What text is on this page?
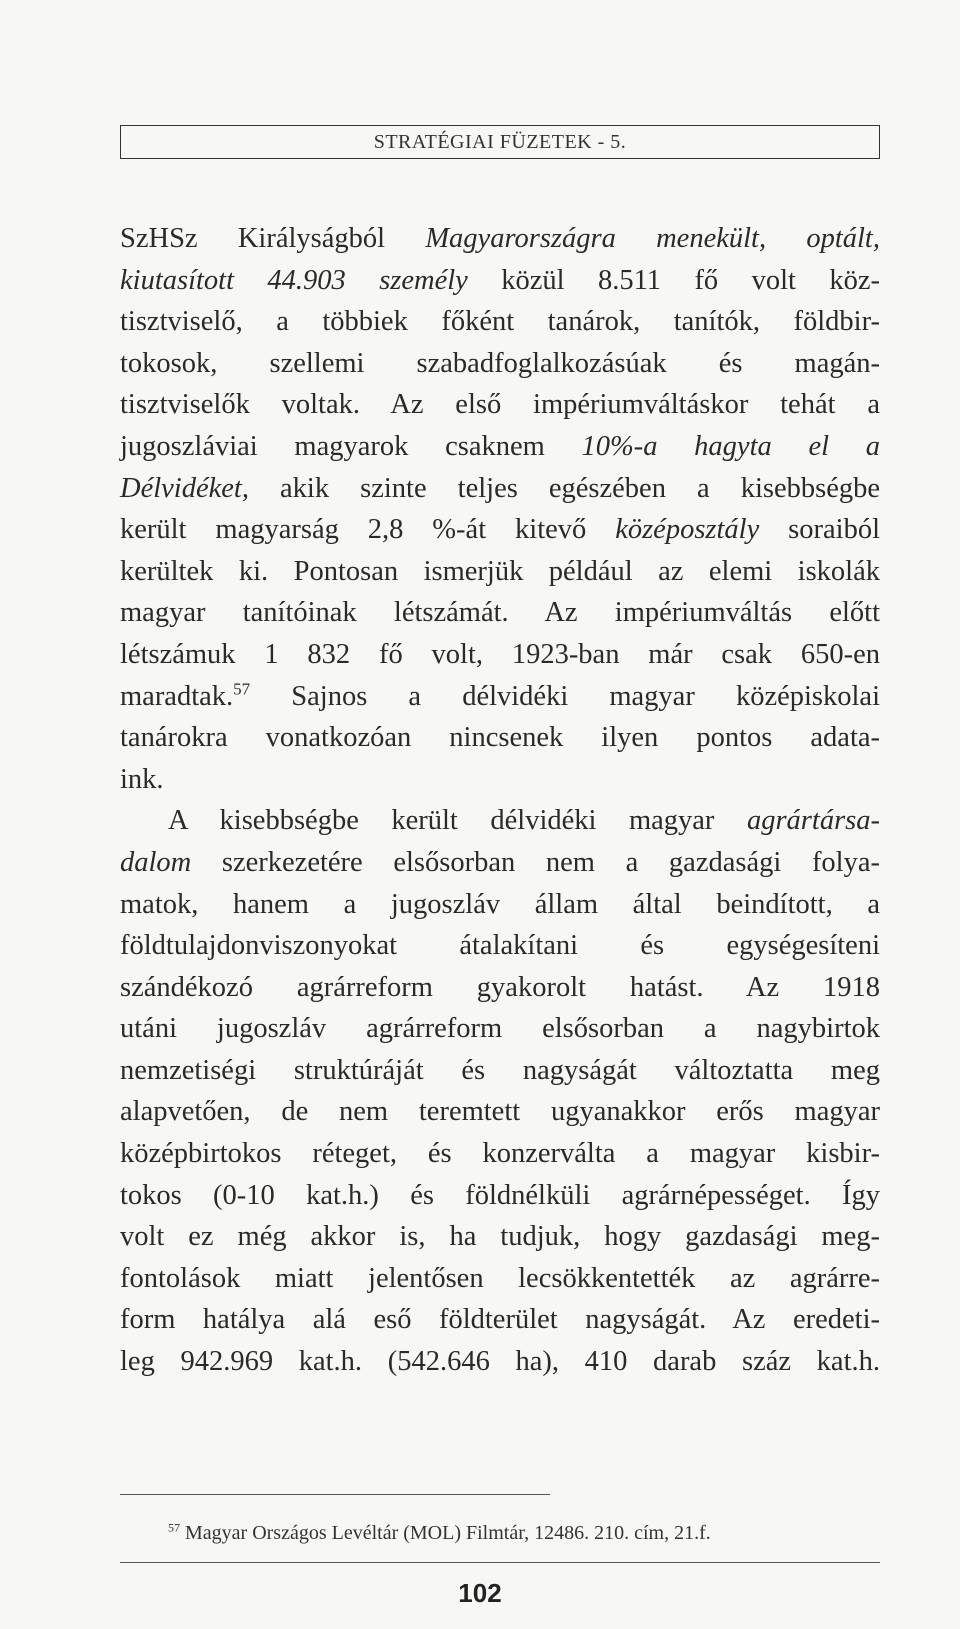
STRATÉGIAI FÜZETEK - 5.
SzHSz Királyságból Magyarországra menekült, optált,
kiutasított 44.903 személy közül 8.511 fő volt köz-
tisztviselő, a többiek főként tanárok, tanítók, földbir-
tokosok, szellemi szabadfoglalkozásúak és magán-
tisztviselők voltak. Az első impériumváltáskor tehát a
jugoszláviai magyarok csaknem 10%-a hagyta el a
Délvidéket, akik szinte teljes egészében a kisebbségbe
került magyarság 2,8 %-át kitevő középosztály soraiból
kerültek ki. Pontosan ismerjük például az elemi iskolák
magyar tanítóinak létszámát. Az impériumváltás előtt
létszámuk 1 832 fő volt, 1923-ban már csak 650-en
maradtak.$^{57}$ Sajnos a délvidéki magyar középiskolai
tanárokra vonatkozóan nincsenek ilyen pontos adata-
ink.
A kisebbségbe került délvidéki magyar agrártársa-
dalom szerkezetére elsősorban nem a gazdasági folya-
matok, hanem a jugoszláv állam által beindított, a
földtulajdonviszonyokat átalakítani és egységesíteni
szándékozó agrárreform gyakorolt hatást. Az 1918
utáni jugoszláv agrárreform elsősorban a nagybirtok
nemzetiségi struktúráját és nagyságát változtatta meg
alapvetően, de nem teremtett ugyanakkor erős magyar
középbirtokos réteget, és konzerválta a magyar kisbir-
tokos (0-10 kat.h.) és földnélküli agrárnépességet. Így
volt ez még akkor is, ha tudjuk, hogy gazdasági meg-
fontolások miatt jelentősen lecsökkentették az agrárre-
form hatálya alá eső földterület nagyságát. Az eredeti-
leg 942.969 kat.h. (542.646 ha), 410 darab száz kat.h.
$^{57}$ Magyar Országos Levéltár (MOL) Filmtár, 12486. 210. cím, 21.f.
102
